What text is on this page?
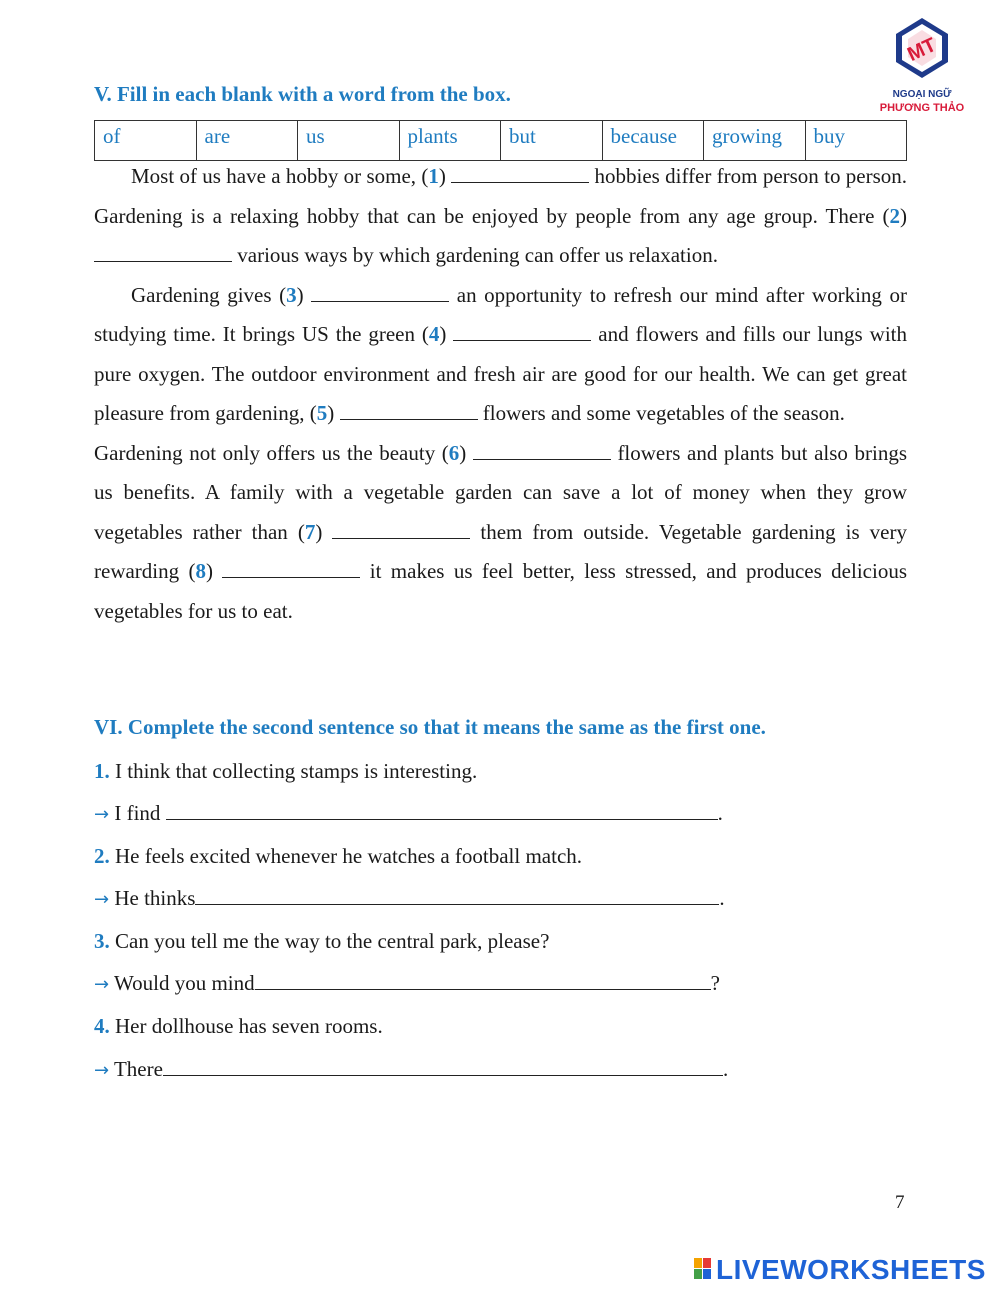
MT
NGOẠI NGỮ
PHƯƠNG THẢO
V. Fill in each blank with a word from the box.
of	are	us	plants	but	because	growing	buy

Most of us have a hobby or some, (1)	hobbies differ from person to person. Gardening is a relaxing hobby that can be enjoyed by people from any age group. There (2)  various ways by which gardening can offer us relaxation.

Gardening gives (3)	an opportunity to refresh our mind after working or studying time. It brings US the green (4)	and flowers and fills our lungs with pure oxygen. The outdoor environment and fresh air are good for our health. We can get great pleasure from gardening, (5)	flowers and some vegetables of the season.

Gardening not only offers us the beauty (6)	flowers and plants but also brings us benefits. A family with a vegetable garden can save a lot of money when they grow vegetables rather than (7)	them from outside. Vegetable gardening is very rewarding (8)	it makes us feel better, less stressed, and produces delicious vegetables for us to eat.

VI. Complete the second sentence so that it means the same as the first one.
1. I think that collecting stamps is interesting.
→ I find	.
2. He feels excited whenever he watches a football match.
→ He thinks	.
3. Can you tell me the way to the central park, please?
→ Would you mind	?
4. Her dollhouse has seven rooms.
→ There	.
7
LIVEWORKSHEETS
